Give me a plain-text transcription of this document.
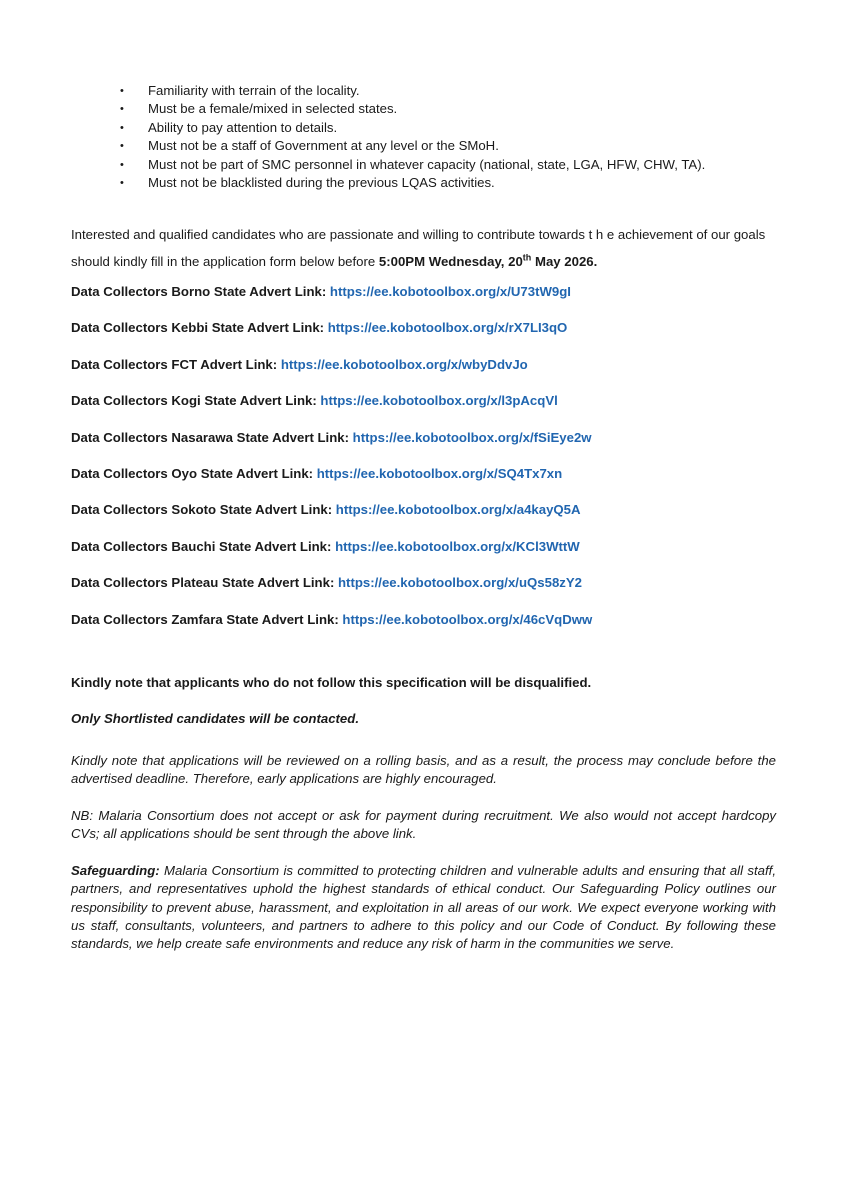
• Familiarity with terrain of the locality.
• Must be a female/mixed in selected states.
• Ability to pay attention to details.
• Must not be a staff of Government at any level or the SMoH.
• Must not be part of SMC personnel in whatever capacity (national, state, LGA, HFW, CHW, TA).
• Must not be blacklisted during the previous LQAS activities.

Interested and qualified candidates who are passionate and willing to contribute towards t h e achievement of our goals should kindly fill in the application form below before 5:00PM Wednesday, 20th May 2026.

Data Collectors Borno State Advert Link: https://ee.kobotoolbox.org/x/U73tW9gI
Data Collectors Kebbi State Advert Link: https://ee.kobotoolbox.org/x/rX7LI3qO
Data Collectors FCT Advert Link: https://ee.kobotoolbox.org/x/wbyDdvJo
Data Collectors Kogi State Advert Link: https://ee.kobotoolbox.org/x/l3pAcqVl
Data Collectors Nasarawa State Advert Link: https://ee.kobotoolbox.org/x/fSiEye2w
Data Collectors Oyo State Advert Link: https://ee.kobotoolbox.org/x/SQ4Tx7xn
Data Collectors Sokoto State Advert Link: https://ee.kobotoolbox.org/x/a4kayQ5A
Data Collectors Bauchi State Advert Link: https://ee.kobotoolbox.org/x/KCl3WttW
Data Collectors Plateau State Advert Link: https://ee.kobotoolbox.org/x/uQs58zY2
Data Collectors Zamfara State Advert Link: https://ee.kobotoolbox.org/x/46cVqDww
Kindly note that applicants who do not follow this specification will be disqualified.
Only Shortlisted candidates will be contacted.
Kindly note that applications will be reviewed on a rolling basis, and as a result, the process may conclude before the advertised deadline. Therefore, early applications are highly encouraged.
NB: Malaria Consortium does not accept or ask for payment during recruitment. We also would not accept hardcopy CVs; all applications should be sent through the above link.
Safeguarding: Malaria Consortium is committed to protecting children and vulnerable adults and ensuring that all staff, partners, and representatives uphold the highest standards of ethical conduct. Our Safeguarding Policy outlines our responsibility to prevent abuse, harassment, and exploitation in all areas of our work. We expect everyone working with us staff, consultants, volunteers, and partners to adhere to this policy and our Code of Conduct. By following these standards, we help create safe environments and reduce any risk of harm in the communities we serve.
